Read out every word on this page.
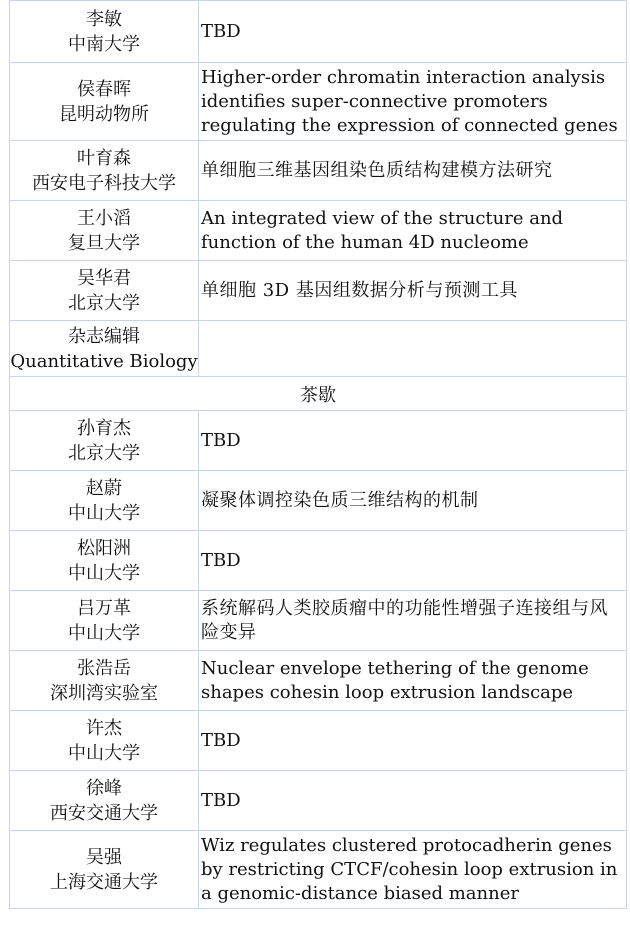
李敏
中南大学	TBD

侯春晖
昆明动物所	Higher-order chromatin interaction analysis identifies super-connective promoters regulating the expression of connected genes

叶育森
西安电子科技大学	单细胞三维基因组染色质结构建模方法研究

王小滔
复旦大学	An integrated view of the structure and function of the human 4D nucleome

吴华君
北京大学	单细胞 3D 基因组数据分析与预测工具

杂志编辑
Quantitative Biology	

茶歇	

孙育杰
北京大学	TBD

赵蔚
中山大学	凝聚体调控染色质三维结构的机制

松阳洲
中山大学	TBD

吕万革
中山大学	系统解码人类胶质瘤中的功能性增强子连接组与风险变异

张浩岳
深圳湾实验室	Nuclear envelope tethering of the genome shapes cohesin loop extrusion landscape

许杰
中山大学	TBD

徐峰
西安交通大学	TBD

吴强
上海交通大学	Wiz regulates clustered protocadherin genes by restricting CTCF/cohesin loop extrusion in a genomic-distance biased manner
